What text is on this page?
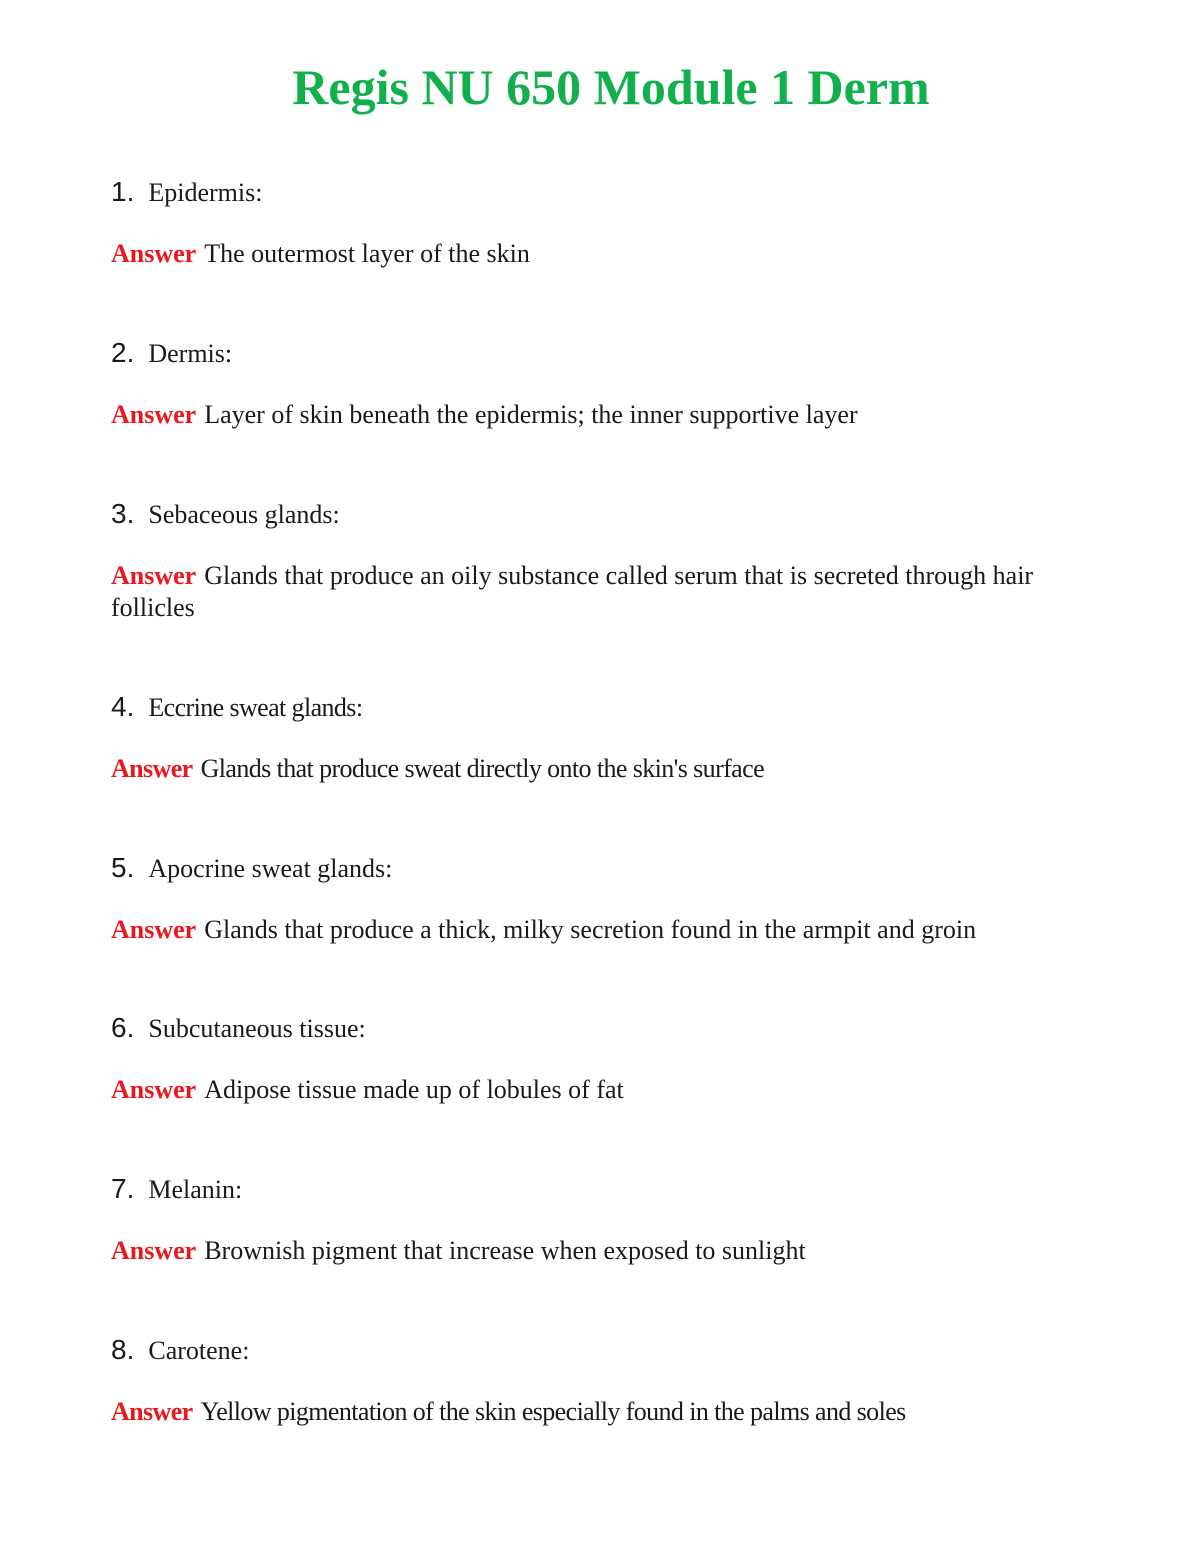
Regis NU 650 Module 1 Derm
1. Epidermis:
Answer The outermost layer of the skin
2. Dermis:
Answer Layer of skin beneath the epidermis; the inner supportive layer
3. Sebaceous glands:
Answer Glands that produce an oily substance called serum that is secreted through hair follicles
4. Eccrine sweat glands:
Answer Glands that produce sweat directly onto the skin's surface
5. Apocrine sweat glands:
Answer Glands that produce a thick, milky secretion found in the armpit and groin
6. Subcutaneous tissue:
Answer Adipose tissue made up of lobules of fat
7. Melanin:
Answer Brownish pigment that increase when exposed to sunlight
8. Carotene:
Answer Yellow pigmentation of the skin especially found in the palms and soles
